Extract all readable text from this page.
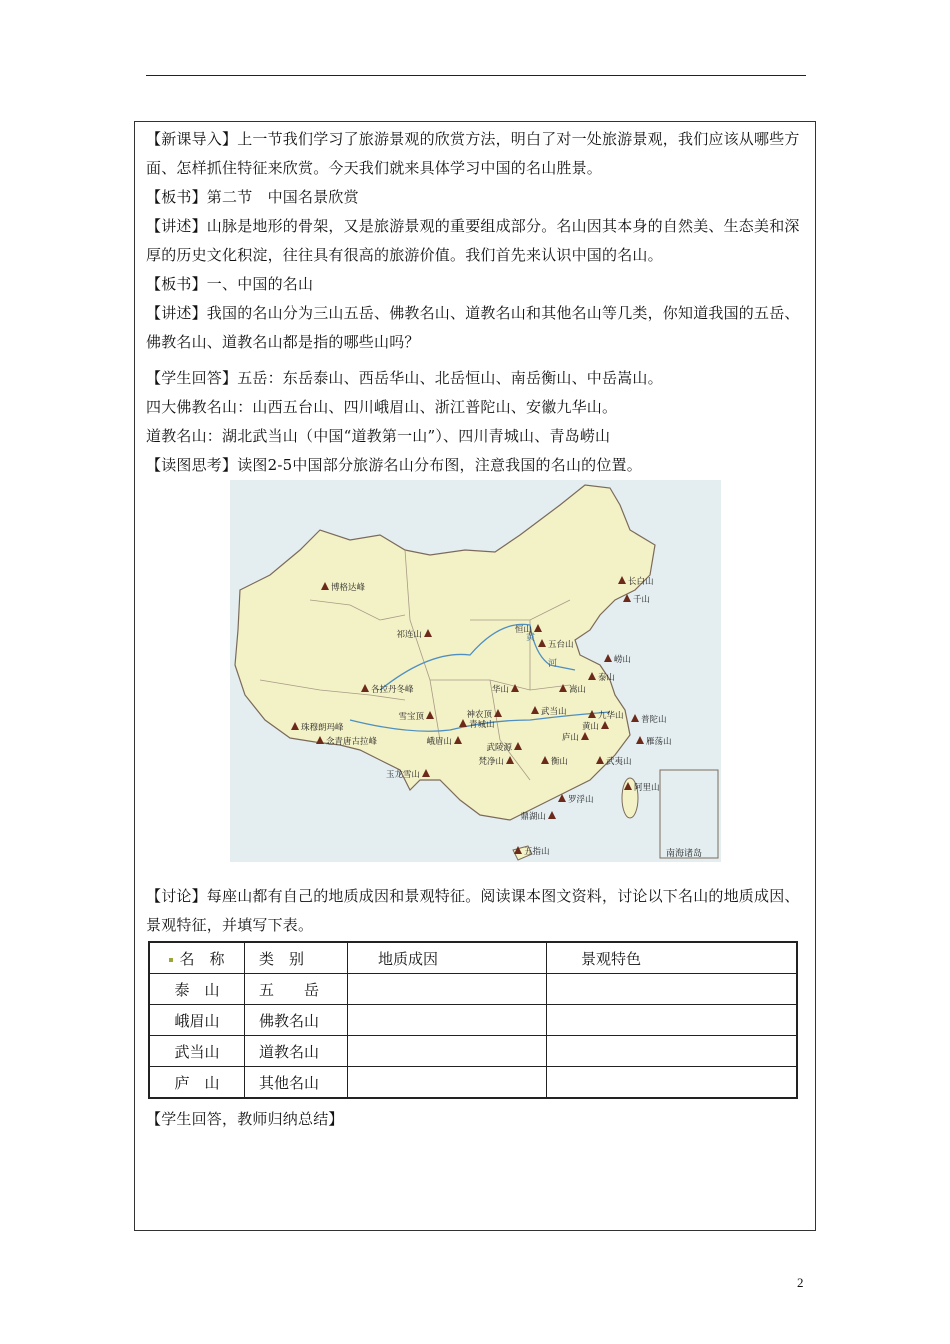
【新课导入】上一节我们学习了旅游景观的欣赏方法，明白了对一处旅游景观，我们应该从哪些方面、怎样抓住特征来欣赏。今天我们就来具体学习中国的名山胜景。
【板书】第二节　中国名景欣赏
【讲述】山脉是地形的骨架，又是旅游景观的重要组成部分。名山因其本身的自然美、生态美和深厚的历史文化积淀，往往具有很高的旅游价值。我们首先来认识中国的名山。
【板书】一、中国的名山
【讲述】我国的名山分为三山五岳、佛教名山、道教名山和其他名山等几类，你知道我国的五岳、佛教名山、道教名山都是指的哪些山吗？
【学生回答】五岳：东岳泰山、西岳华山、北岳恒山、南岳衡山、中岳嵩山。
四大佛教名山：山西五台山、四川峨眉山、浙江普陀山、安徽九华山。
道教名山：湖北武当山（中国“道教第一山”）、四川青城山、青岛崂山
【读图思考】读图2-5中国部分旅游名山分布图，注意我国的名山的位置。
南海诸岛
黄
河
博格达峰
长白山
千山
恒山
五台山
崂山
泰山
嵩山
华山
神农顶	武当山	九华山 普陀山
黄山
雁荡山
庐山
武夷山
峨眉山
青城山
雪宝顶
武陵源
梵净山	衡山
玉龙雪山
各拉丹冬峰
珠穆朗玛峰
念青唐古拉峰
祁连山
罗浮山
鼎湖山
五指山
阿里山
【讨论】每座山都有自己的地质成因和景观特征。阅读课本图文资料，讨论以下名山的地质成因、景观特征，并填写下表。
名　称	类　别	地质成因	景观特色
泰　山	五　　岳		
峨眉山	佛教名山		
武当山	道教名山		
庐　山	其他名山		
【学生回答，教师归纳总结】
2
